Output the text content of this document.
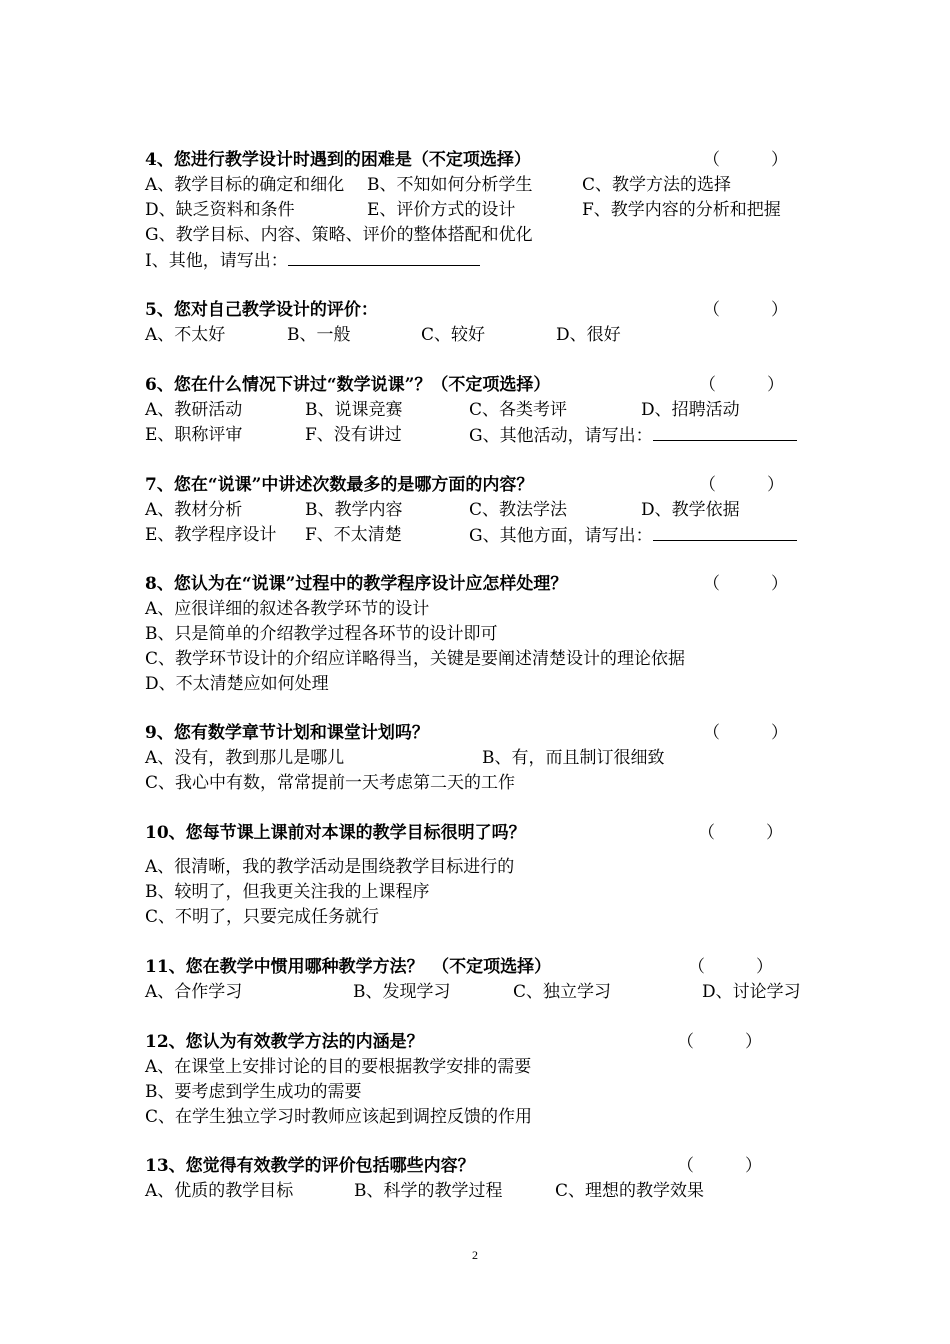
4、您进行教学设计时遇到的困难是（不定项选择）	（　　　）
A、教学目标的确定和细化 B、不知如何分析学生	C、教学方法的选择
D、缺乏资料和条件	E、评价方式的设计	F、教学内容的分析和把握
G、教学目标、内容、策略、评价的整体搭配和优化
I、其他，请写出：
5、您对自己教学设计的评价：	（　　　）
A、不太好	B、一般	C、较好	D、很好
6、您在什么情况下讲过“数学说课”？（不定项选择）	（　　　）
A、教研活动	B、说课竞赛	C、各类考评	D、招聘活动
E、职称评审	F、没有讲过	G、其他活动，请写出：
7、您在“说课”中讲述次数最多的是哪方面的内容？	（　　　）
A、教材分析	B、教学内容	C、教法学法	D、教学依据
E、教学程序设计 F、不太清楚	G、其他方面，请写出：
8、您认为在“说课”过程中的教学程序设计应怎样处理？	（　　　）
A、应很详细的叙述各教学环节的设计
B、只是简单的介绍教学过程各环节的设计即可
C、教学环节设计的介绍应详略得当，关键是要阐述清楚设计的理论依据
D、不太清楚应如何处理
9、您有数学章节计划和课堂计划吗？	（　　　）
A、没有，教到那儿是哪儿	B、有，而且制订很细致
C、我心中有数，常常提前一天考虑第二天的工作
10、您每节课上课前对本课的教学目标很明了吗？	（　　　）
A、很清晰，我的教学活动是围绕教学目标进行的
B、较明了，但我更关注我的上课程序
C、不明了，只要完成任务就行
11、您在教学中惯用哪种教学方法？　（不定项选择）	（　　　）
A、合作学习	B、发现学习	C、独立学习	D、讨论学习
12、您认为有效教学方法的内涵是？	（　　　）
A、在课堂上安排讨论的目的要根据教学安排的需要
B、要考虑到学生成功的需要
C、在学生独立学习时教师应该起到调控反馈的作用
13、您觉得有效教学的评价包括哪些内容？	（　　　）
A、优质的教学目标	B、科学的教学过程	C、理想的教学效果
2
